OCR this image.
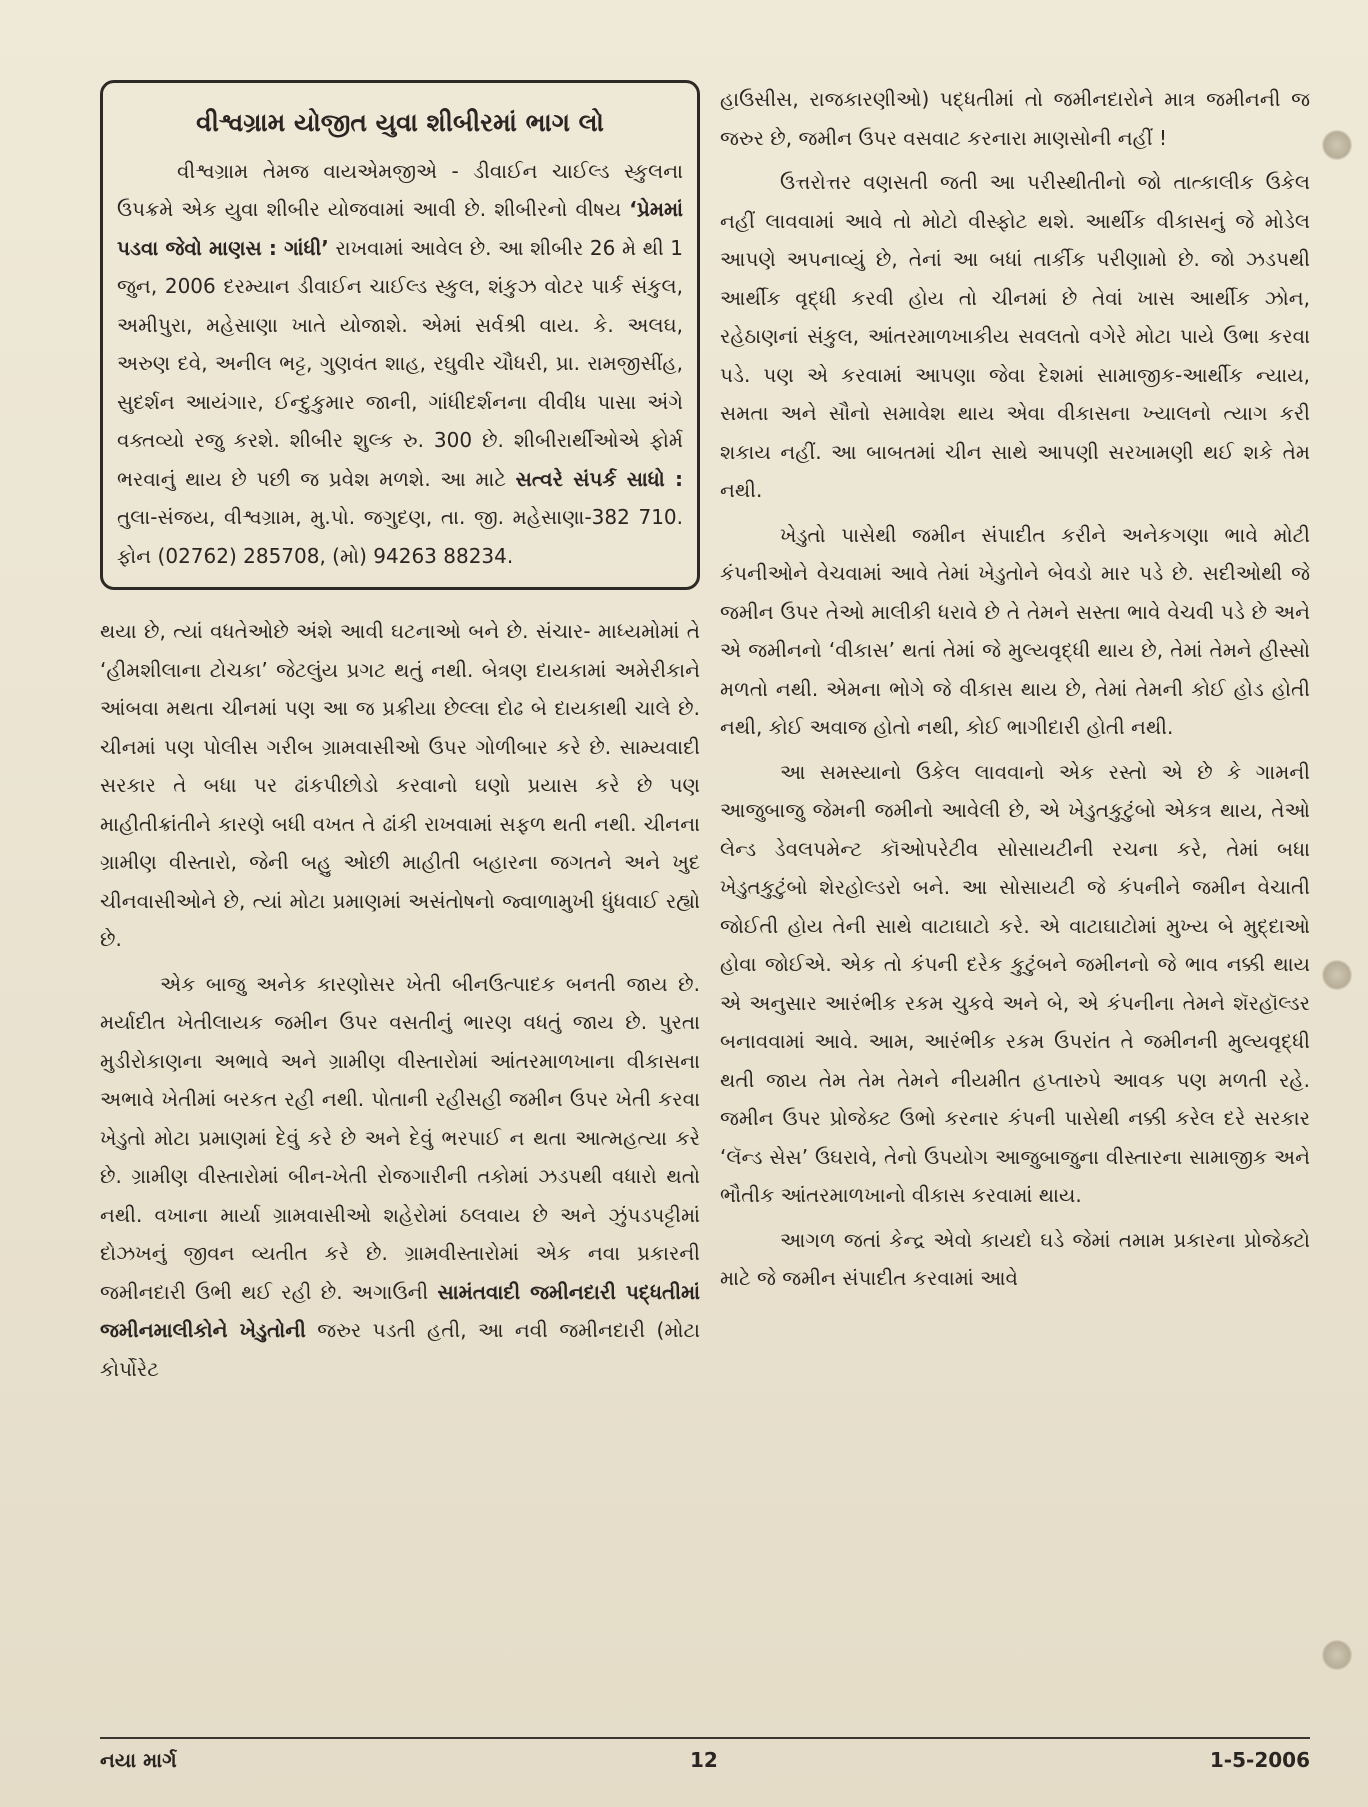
વીશ્વગ્રામ યોજીત યુવા શીબીરમાં ભાગ લો

વીશ્વગ્રામ તેમજ વાયએમજીએ - ડીવાઈન ચાઈલ્ડ સ્કુલના ઉપક્રમે એક યુવા શીબીર યોજવામાં આવી છે. શીબીરનો વીષય ‘પ્રેમમાં પડવા જેવો માણસ : ગાંધી’ રાખવામાં આવેલ છે. આ શીબીર 26 મે થી 1 જુન, 2006 દરમ્યાન ડીવાઈન ચાઈલ્ડ સ્કુલ, શંકુઝ વોટર પાર્ક સંકુલ, અમીપુરા, મહેસાણા ખાતે યોજાશે. એમાં સર્વશ્રી વાય. કે. અલઘ, અરુણ દવે, અનીલ ભટ્ટ, ગુણવંત શાહ, રઘુવીર ચૌધરી, પ્રા. રામજીસીંહ, સુદર્શન આયંગાર, ઈન્દુકુમાર જાની, ગાંધીદર્શનના વીવીધ પાસા અંગે વક્તવ્યો રજુ કરશે. શીબીર શુલ્ક રુ. 300 છે. શીબીરાર્થીઓએ ફોર્મ ભરવાનું થાય છે પછી જ પ્રવેશ મળશે. આ માટે સત્વરે સંપર્ક સાધો : તુલા-સંજય, વીશ્વગ્રામ, મુ.પો. જગુદણ, તા. જી. મહેસાણા-382 710. ફોન (02762) 285708, (મો) 94263 88234.

થયા છે, ત્યાં વધતેઓછે અંશે આવી ઘટનાઓ બને છે. સંચાર- માધ્યમોમાં તે ‘હીમશીલાના ટોચકા’ જેટલુંય પ્રગટ થતું નથી. બેત્રણ દાયકામાં અમેરીકાને આંબવા મથતા ચીનમાં પણ આ જ પ્રક્રીયા છેલ્લા દોઢ બે દાયકાથી ચાલે છે. ચીનમાં પણ પોલીસ ગરીબ ગ્રામવાસીઓ ઉપર ગોળીબાર કરે છે. સામ્યવાદી સરકાર તે બધા પર ઢાંકપીછોડો કરવાનો ઘણો પ્રયાસ કરે છે પણ માહીતીક્રાંતીને કારણે બધી વખત તે ઢાંકી રાખવામાં સફળ થતી નથી. ચીનના ગ્રામીણ વીસ્તારો, જેની બહુ ઓછી માહીતી બહારના જગતને અને ખુદ ચીનવાસીઓને છે, ત્યાં મોટા પ્રમાણમાં અસંતોષનો જ્વાળામુખી ધુંધવાઈ રહ્યો છે.

એક બાજુ અનેક કારણોસર ખેતી બીનઉત્પાદક બનતી જાય છે. મર્યાદીત ખેતીલાયક જમીન ઉપર વસતીનું ભારણ વધતું જાય છે. પુરતા મુડીરોકાણના અભાવે અને ગ્રામીણ વીસ્તારોમાં આંતરમાળખાના વીકાસના અભાવે ખેતીમાં બરકત રહી નથી. પોતાની રહીસહી જમીન ઉપર ખેતી કરવા ખેડુતો મોટા પ્રમાણમાં દેવું કરે છે અને દેવું ભરપાઈ ન થતા આત્મહત્યા કરે છે. ગ્રામીણ વીસ્તારોમાં બીન-ખેતી રોજગારીની તકોમાં ઝડપથી વધારો થતો નથી. વખાના માર્યા ગ્રામવાસીઓ શહેરોમાં ઠલવાય છે અને ઝુંપડપટ્ટીમાં દોઝખનું જીવન વ્યતીત કરે છે. ગ્રામવીસ્તારોમાં એક નવા પ્રકારની જમીનદારી ઉભી થઈ રહી છે. અગાઉની સામંતવાદી જમીનદારી પદ્ધતીમાં જમીનમાલીકોને ખેડુતોની જરુર પડતી હતી, આ નવી જમીનદારી (મોટા કોર્પોરેટ

હાઉસીસ, રાજકારણીઓ) પદ્ધતીમાં તો જમીનદારોને માત્ર જમીનની જ જરુર છે, જમીન ઉપર વસવાટ કરનારા માણસોની નહીં !

ઉત્તરોત્તર વણસતી જતી આ પરીસ્થીતીનો જો તાત્કાલીક ઉકેલ નહીં લાવવામાં આવે તો મોટો વીસ્ફોટ થશે. આર્થીક વીકાસનું જે મોડેલ આપણે અપનાવ્યું છે, તેનાં આ બધાં તાર્કીક પરીણામો છે. જો ઝડપથી આર્થીક વૃદ્ધી કરવી હોય તો ચીનમાં છે તેવાં ખાસ આર્થીક ઝોન, રહેઠાણનાં સંકુલ, આંતરમાળખાકીય સવલતો વગેરે મોટા પાયે ઉભા કરવા પડે. પણ એ કરવામાં આપણા જેવા દેશમાં સામાજીક-આર્થીક ન્યાય, સમતા અને સૌનો સમાવેશ થાય એવા વીકાસના ખ્યાલનો ત્યાગ કરી શકાય નહીં. આ બાબતમાં ચીન સાથે આપણી સરખામણી થઈ શકે તેમ નથી.

ખેડુતો પાસેથી જમીન સંપાદીત કરીને અનેકગણા ભાવે મોટી કંપનીઓને વેચવામાં આવે તેમાં ખેડુતોને બેવડો માર પડે છે. સદીઓથી જે જમીન ઉપર તેઓ માલીકી ધરાવે છે તે તેમને સસ્તા ભાવે વેચવી પડે છે અને એ જમીનનો ‘વીકાસ’ થતાં તેમાં જે મુલ્યવૃદ્ધી થાય છે, તેમાં તેમને હીસ્સો મળતો નથી. એમના ભોગે જે વીકાસ થાય છે, તેમાં તેમની કોઈ હોડ હોતી નથી, કોઈ અવાજ હોતો નથી, કોઈ ભાગીદારી હોતી નથી.

આ સમસ્યાનો ઉકેલ લાવવાનો એક રસ્તો એ છે કે ગામની આજુબાજુ જેમની જમીનો આવેલી છે, એ ખેડુતકુટુંબો એકત્ર થાય, તેઓ લેન્ડ ડેવલપમેન્ટ કૉઓપરેટીવ સોસાયટીની રચના કરે, તેમાં બધા ખેડુતકુટુંબો શેરહોલ્ડરો બને. આ સોસાયટી જે કંપનીને જમીન વેચાતી જોઈતી હોય તેની સાથે વાટાઘાટો કરે. એ વાટાઘાટોમાં મુખ્ય બે મુદ્દાઓ હોવા જોઈએ. એક તો કંપની દરેક કુટુંબને જમીનનો જે ભાવ નક્કી થાય એ અનુસાર આરંભીક રકમ ચુકવે અને બે, એ કંપનીના તેમને શૅરહૉલ્ડર બનાવવામાં આવે. આમ, આરંભીક રકમ ઉપરાંત તે જમીનની મુલ્યવૃદ્ધી થતી જાય તેમ તેમ તેમને નીયમીત હપ્તારુપે આવક પણ મળતી રહે. જમીન ઉપર પ્રોજેક્ટ ઉભો કરનાર કંપની પાસેથી નક્કી કરેલ દરે સરકાર ‘લૅન્ડ સેસ’ ઉઘરાવે, તેનો ઉપયોગ આજુબાજુના વીસ્તારના સામાજીક અને ભૌતીક આંતરમાળખાનો વીકાસ કરવામાં થાય.

આગળ જતાં કેન્દ્ર એવો કાયદો ઘડે જેમાં તમામ પ્રકારના પ્રોજેક્ટો માટે જે જમીન સંપાદીત કરવામાં આવે

નયા માર્ગ	12	1-5-2006
